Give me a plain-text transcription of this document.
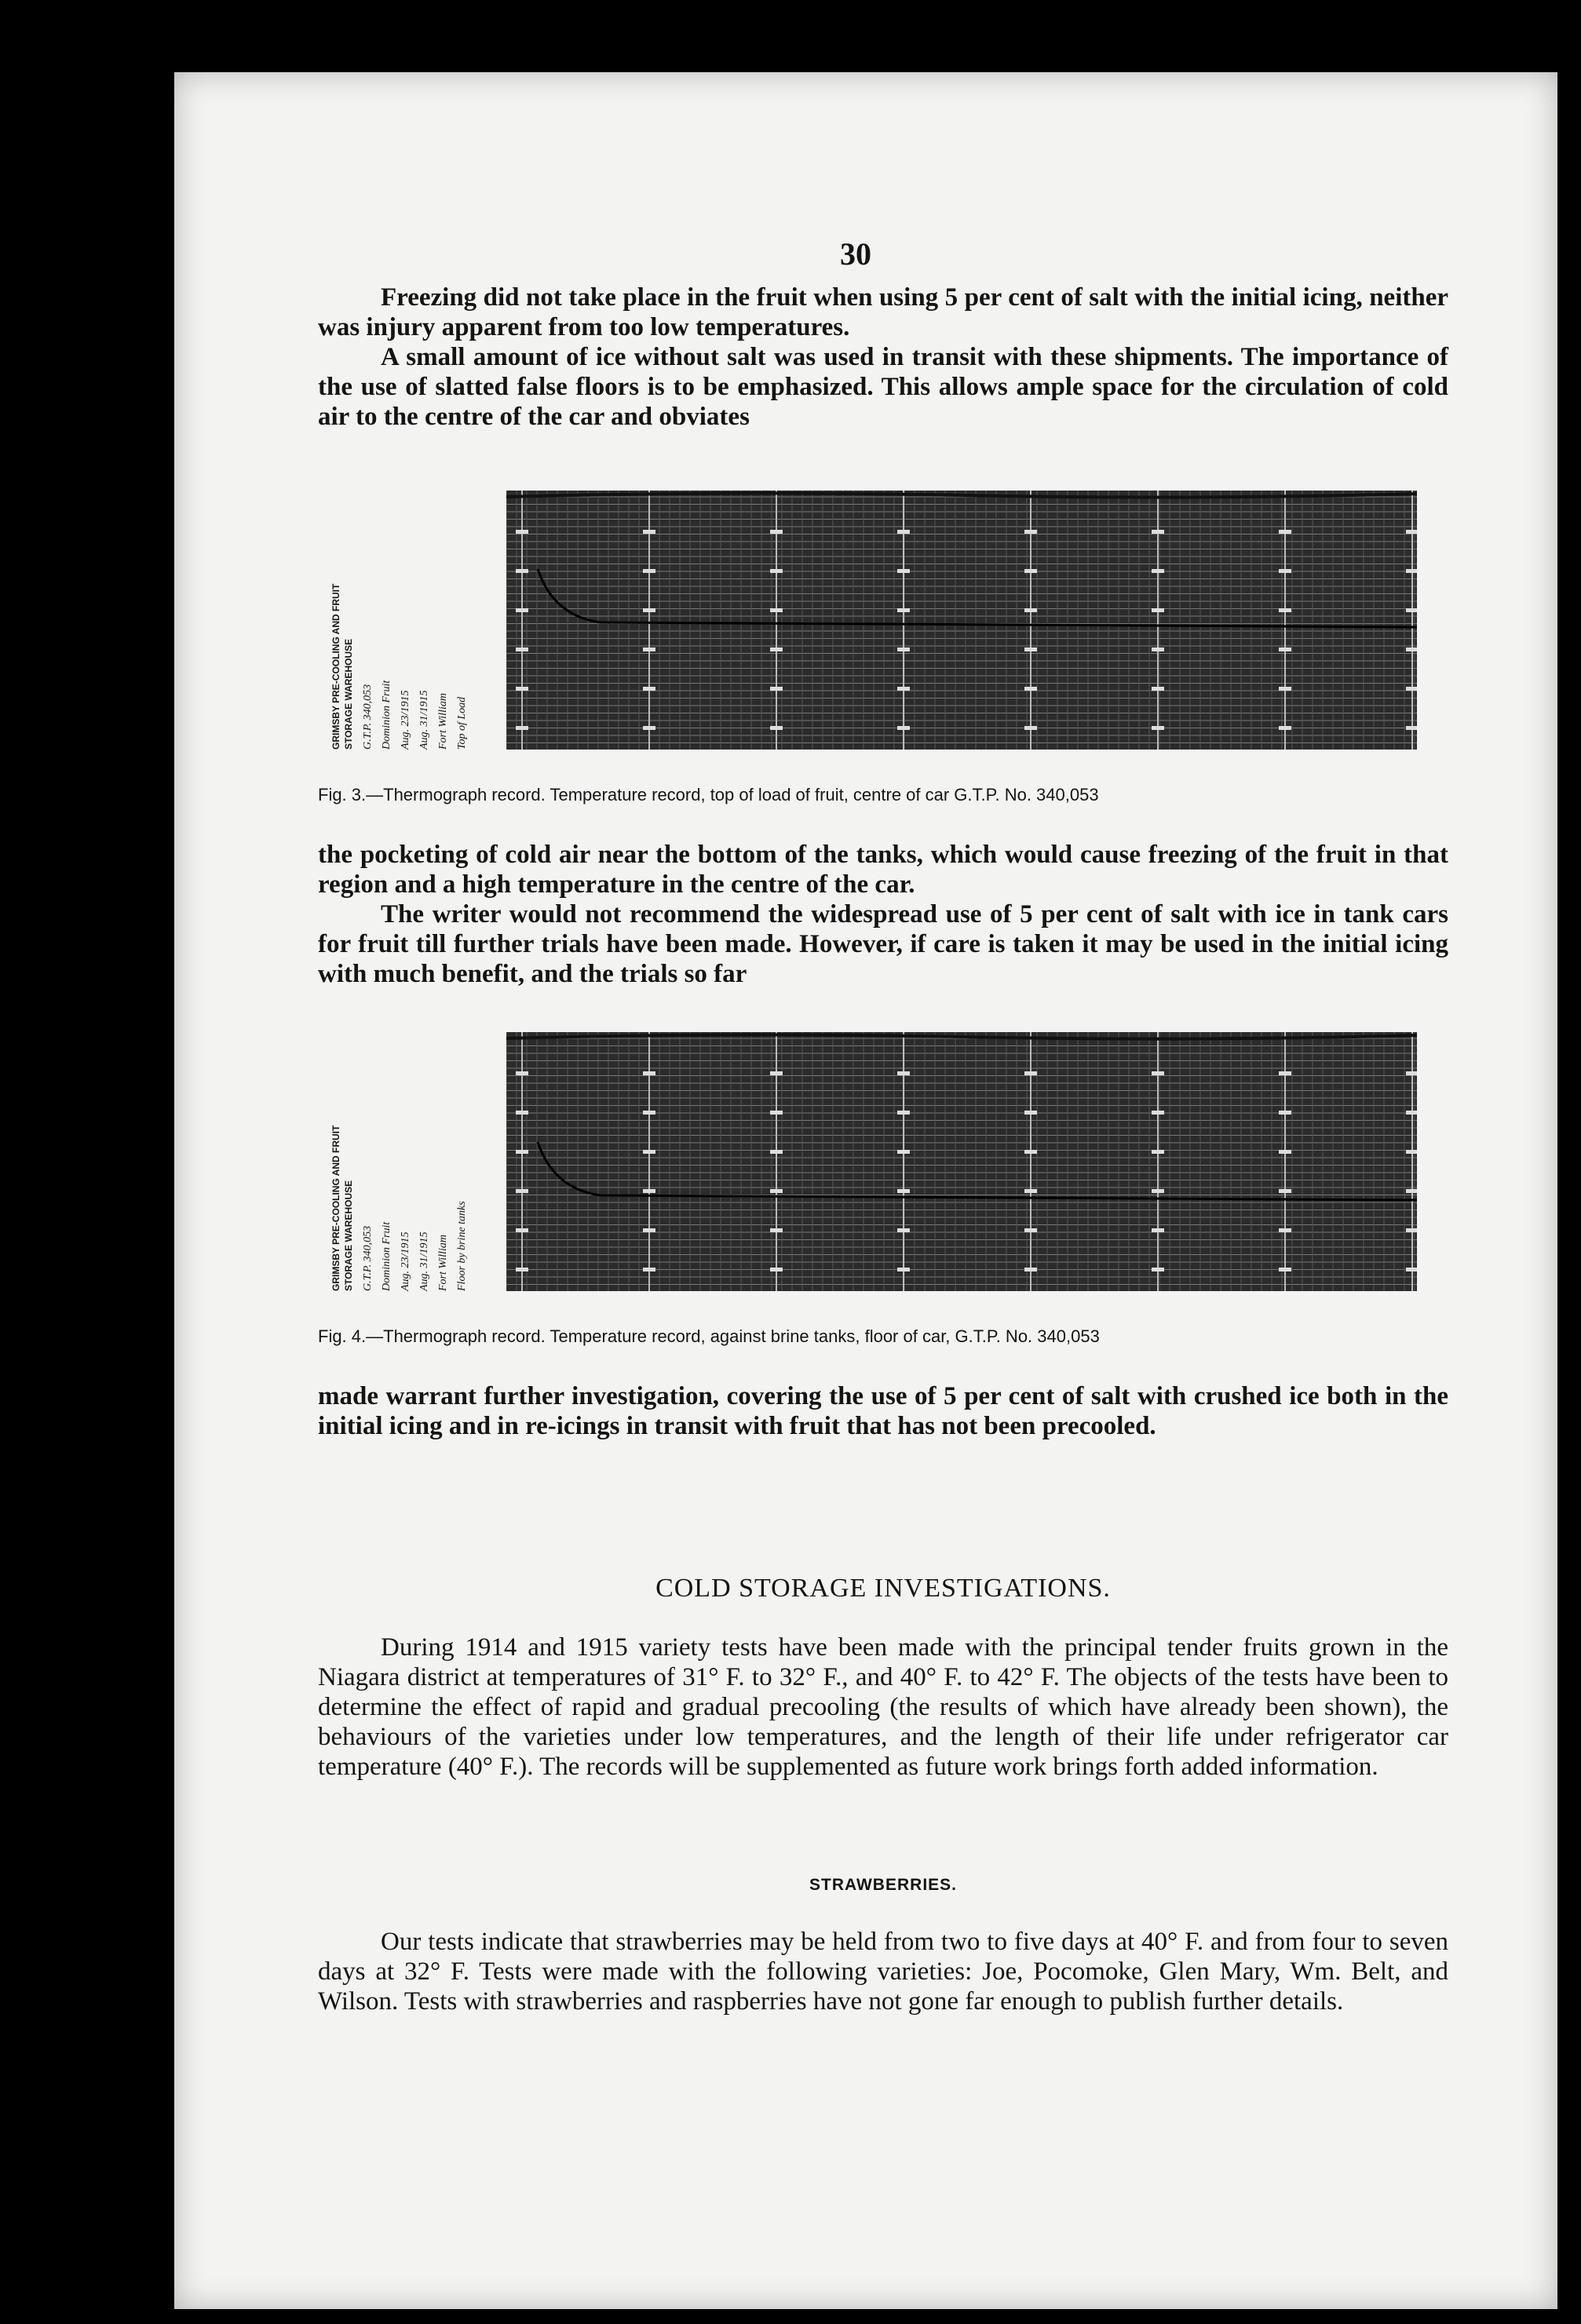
30

Freezing did not take place in the fruit when using 5 per cent of salt with the initial icing, neither was injury apparent from too low temperatures.
A small amount of ice without salt was used in transit with these shipments. The importance of the use of slatted false floors is to be emphasized. This allows ample space for the circulation of cold air to the centre of the car and obviates

GRIMSBY PRE-COOLING AND FRUIT STORAGE WAREHOUSE G.T.P. 340,053 Dominion Fruit Aug. 23/1915 Aug. 31/1915 Fort William Top of Load
Fig. 3.—Thermograph record. Temperature record, top of load of fruit, centre of car G.T.P. No. 340,053

the pocketing of cold air near the bottom of the tanks, which would cause freezing of the fruit in that region and a high temperature in the centre of the car.
The writer would not recommend the widespread use of 5 per cent of salt with ice in tank cars for fruit till further trials have been made. However, if care is taken it may be used in the initial icing with much benefit, and the trials so far

GRIMSBY PRE-COOLING AND FRUIT STORAGE WAREHOUSE G.T.P. 340,053 Dominion Fruit Aug. 23/1915 Aug. 31/1915 Fort William Floor by brine tanks
Fig. 4.—Thermograph record. Temperature record, against brine tanks, floor of car, G.T.P. No. 340,053

made warrant further investigation, covering the use of 5 per cent of salt with crushed ice both in the initial icing and in re-icings in transit with fruit that has not been precooled.

COLD STORAGE INVESTIGATIONS.

During 1914 and 1915 variety tests have been made with the principal tender fruits grown in the Niagara district at temperatures of 31° F. to 32° F., and 40° F. to 42° F. The objects of the tests have been to determine the effect of rapid and gradual precooling (the results of which have already been shown), the behaviours of the varieties under low temperatures, and the length of their life under refrigerator car temperature (40° F.). The records will be supplemented as future work brings forth added information.

STRAWBERRIES.

Our tests indicate that strawberries may be held from two to five days at 40° F. and from four to seven days at 32° F. Tests were made with the following varieties: Joe, Pocomoke, Glen Mary, Wm. Belt, and Wilson. Tests with strawberries and raspberries have not gone far enough to publish further details.
